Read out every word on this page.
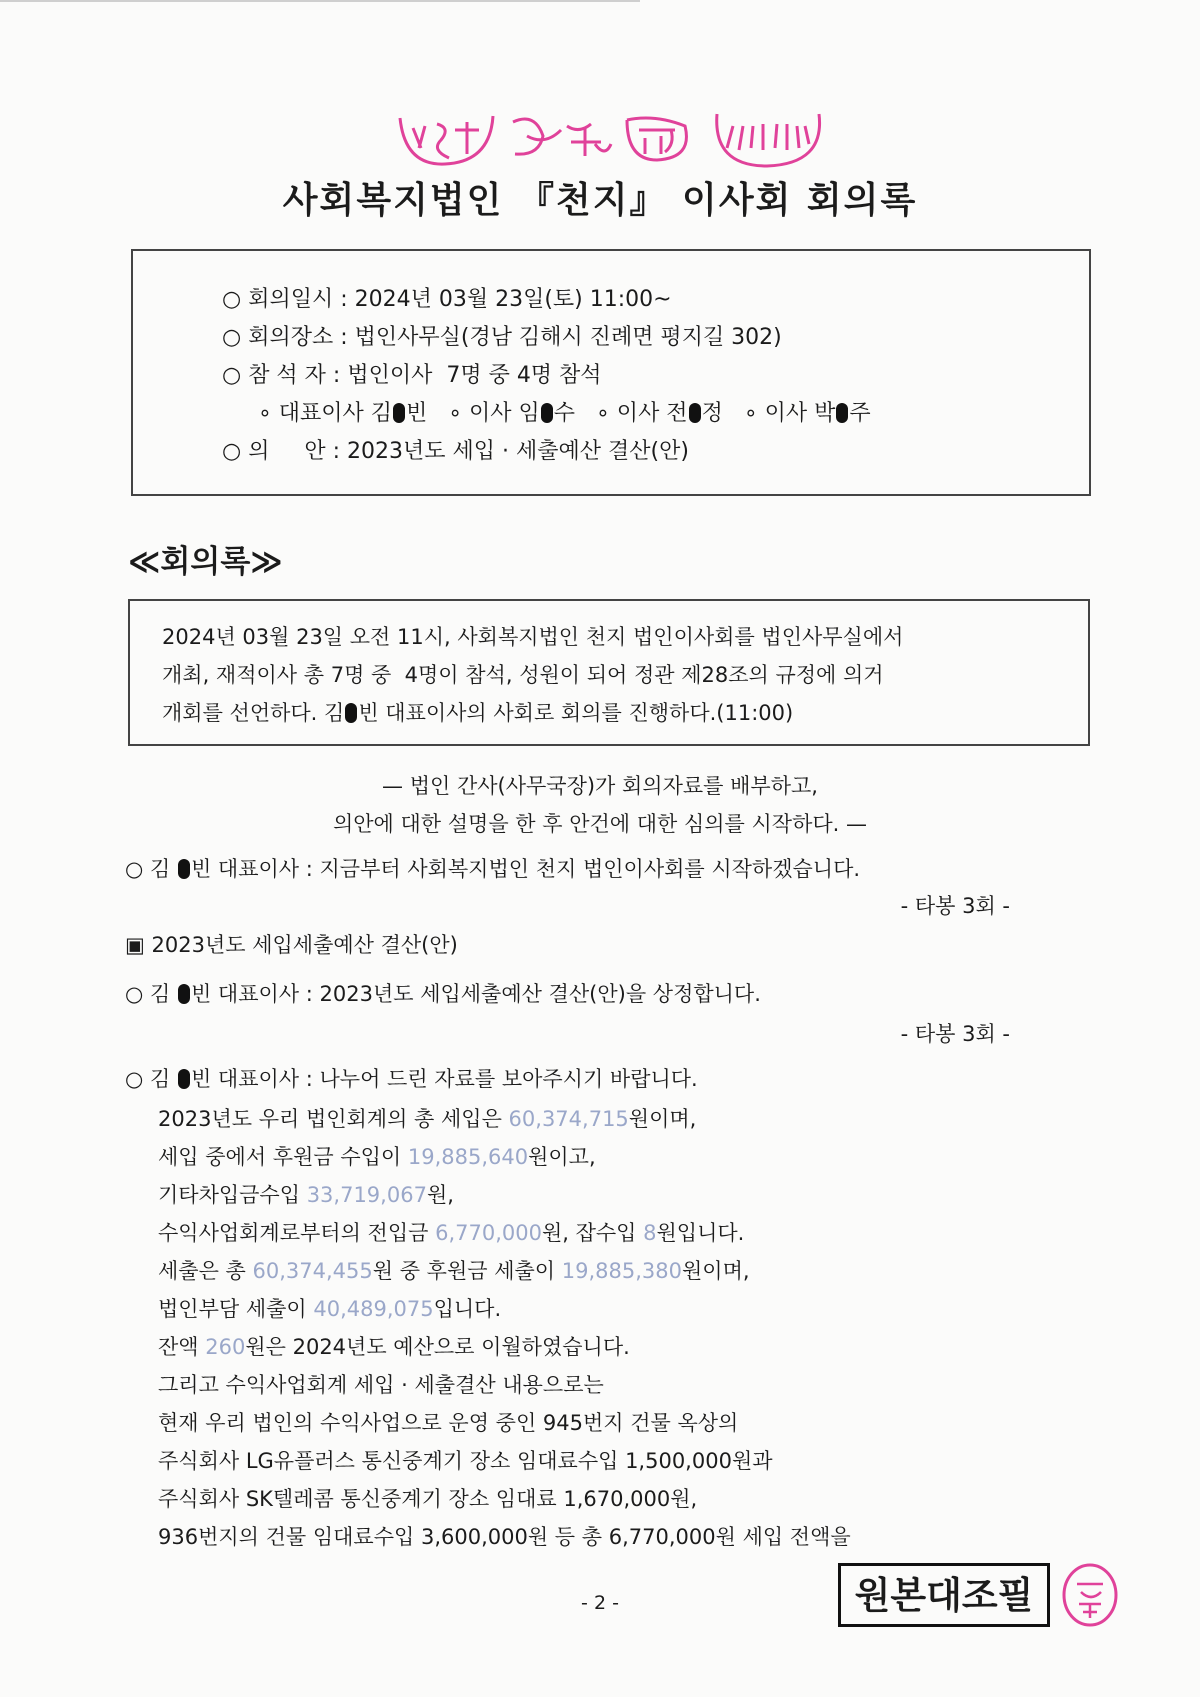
사회복지법인 『천지』 이사회 회의록
○ 회의일시 : 2024년 03월 23일(토) 11:00~
○ 회의장소 : 법인사무실(경남 김해시 진례면 평지길 302)
○ 참 석 자 : 법인이사  7명 중 4명 참석
∘ 대표이사 김 빈 ∘ 이사 임 수 ∘ 이사 전 정 ∘ 이사 박 주
○ 의     안 : 2023년도 세입 · 세출예산 결산(안)
≪회의록≫
2024년 03월 23일 오전 11시, 사회복지법인 천지 법인이사회를 법인사무실에서
개최, 재적이사 총 7명 중  4명이 참석, 성원이 되어 정관 제28조의 규정에 의거
개회를 선언하다. 김 빈 대표이사의 사회로 회의를 진행하다.(11:00)
— 법인 간사(사무국장)가 회의자료를 배부하고,
의안에 대한 설명을 한 후 안건에 대한 심의를 시작하다. —
○ 김 빈 대표이사 : 지금부터 사회복지법인 천지 법인이사회를 시작하겠습니다.
- 타봉 3회 -
▣ 2023년도 세입세출예산 결산(안)
○ 김 빈 대표이사 : 2023년도 세입세출예산 결산(안)을 상정합니다.
- 타봉 3회 -
○ 김 빈 대표이사 : 나누어 드린 자료를 보아주시기 바랍니다.
2023년도 우리 법인회계의 총 세입은 60,374,715원이며,
세입 중에서 후원금 수입이 19,885,640원이고,
기타차입금수입 33,719,067원,
수익사업회계로부터의 전입금 6,770,000원, 잡수입 8원입니다.
세출은 총 60,374,455원 중 후원금 세출이 19,885,380원이며,
법인부담 세출이 40,489,075입니다.
잔액 260원은 2024년도 예산으로 이월하였습니다.
그리고 수익사업회계 세입 · 세출결산 내용으로는
현재 우리 법인의 수익사업으로 운영 중인 945번지 건물 옥상의
주식회사 LG유플러스 통신중계기 장소 임대료수입 1,500,000원과
주식회사 SK텔레콤 통신중계기 장소 임대료 1,670,000원,
936번지의 건물 임대료수입 3,600,000원 등 총 6,770,000원 세입 전액을
- 2 -	원본대조필
